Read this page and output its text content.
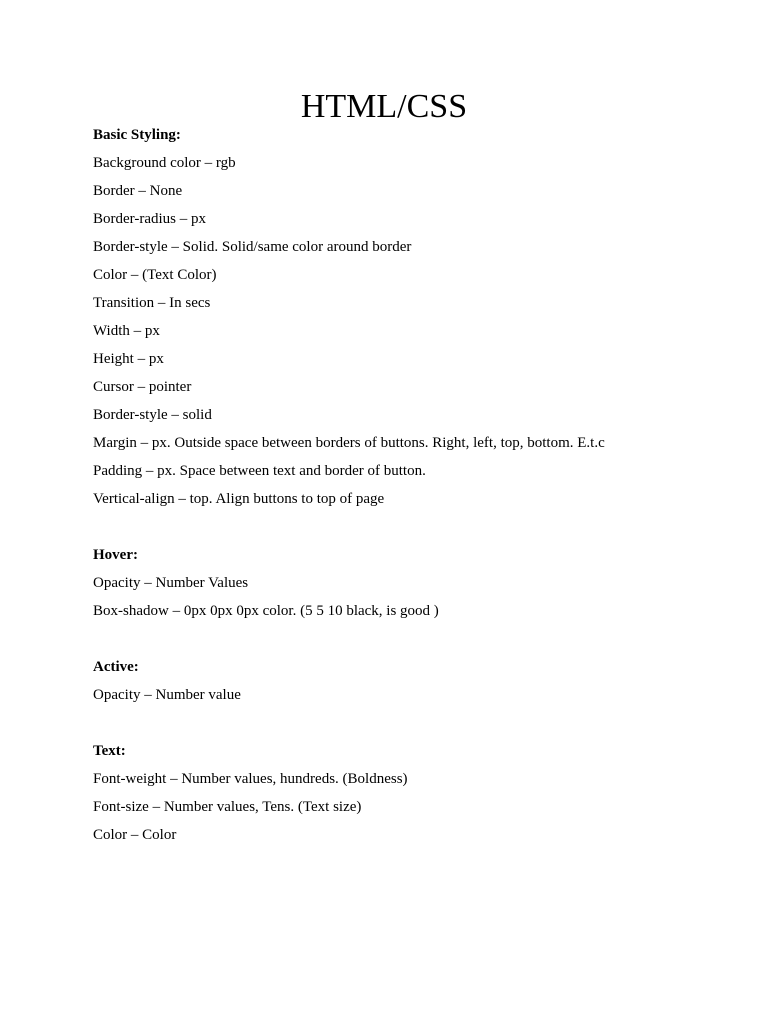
HTML/CSS

Basic Styling:

Background color – rgb

Border – None

Border-radius – px

Border-style – Solid. Solid/same color around border

Color – (Text Color)

Transition – In secs

Width – px

Height – px

Cursor – pointer

Border-style – solid

Margin – px. Outside space between borders of buttons. Right, left, top, bottom. E.t.c

Padding – px. Space between text and border of button.

Vertical-align – top. Align buttons to top of page

Hover:

Opacity – Number Values

Box-shadow – 0px 0px 0px color. (5 5 10 black, is good )

Active:

Opacity – Number value

Text:

Font-weight – Number values, hundreds. (Boldness)

Font-size – Number values, Tens. (Text size)

Color – Color
